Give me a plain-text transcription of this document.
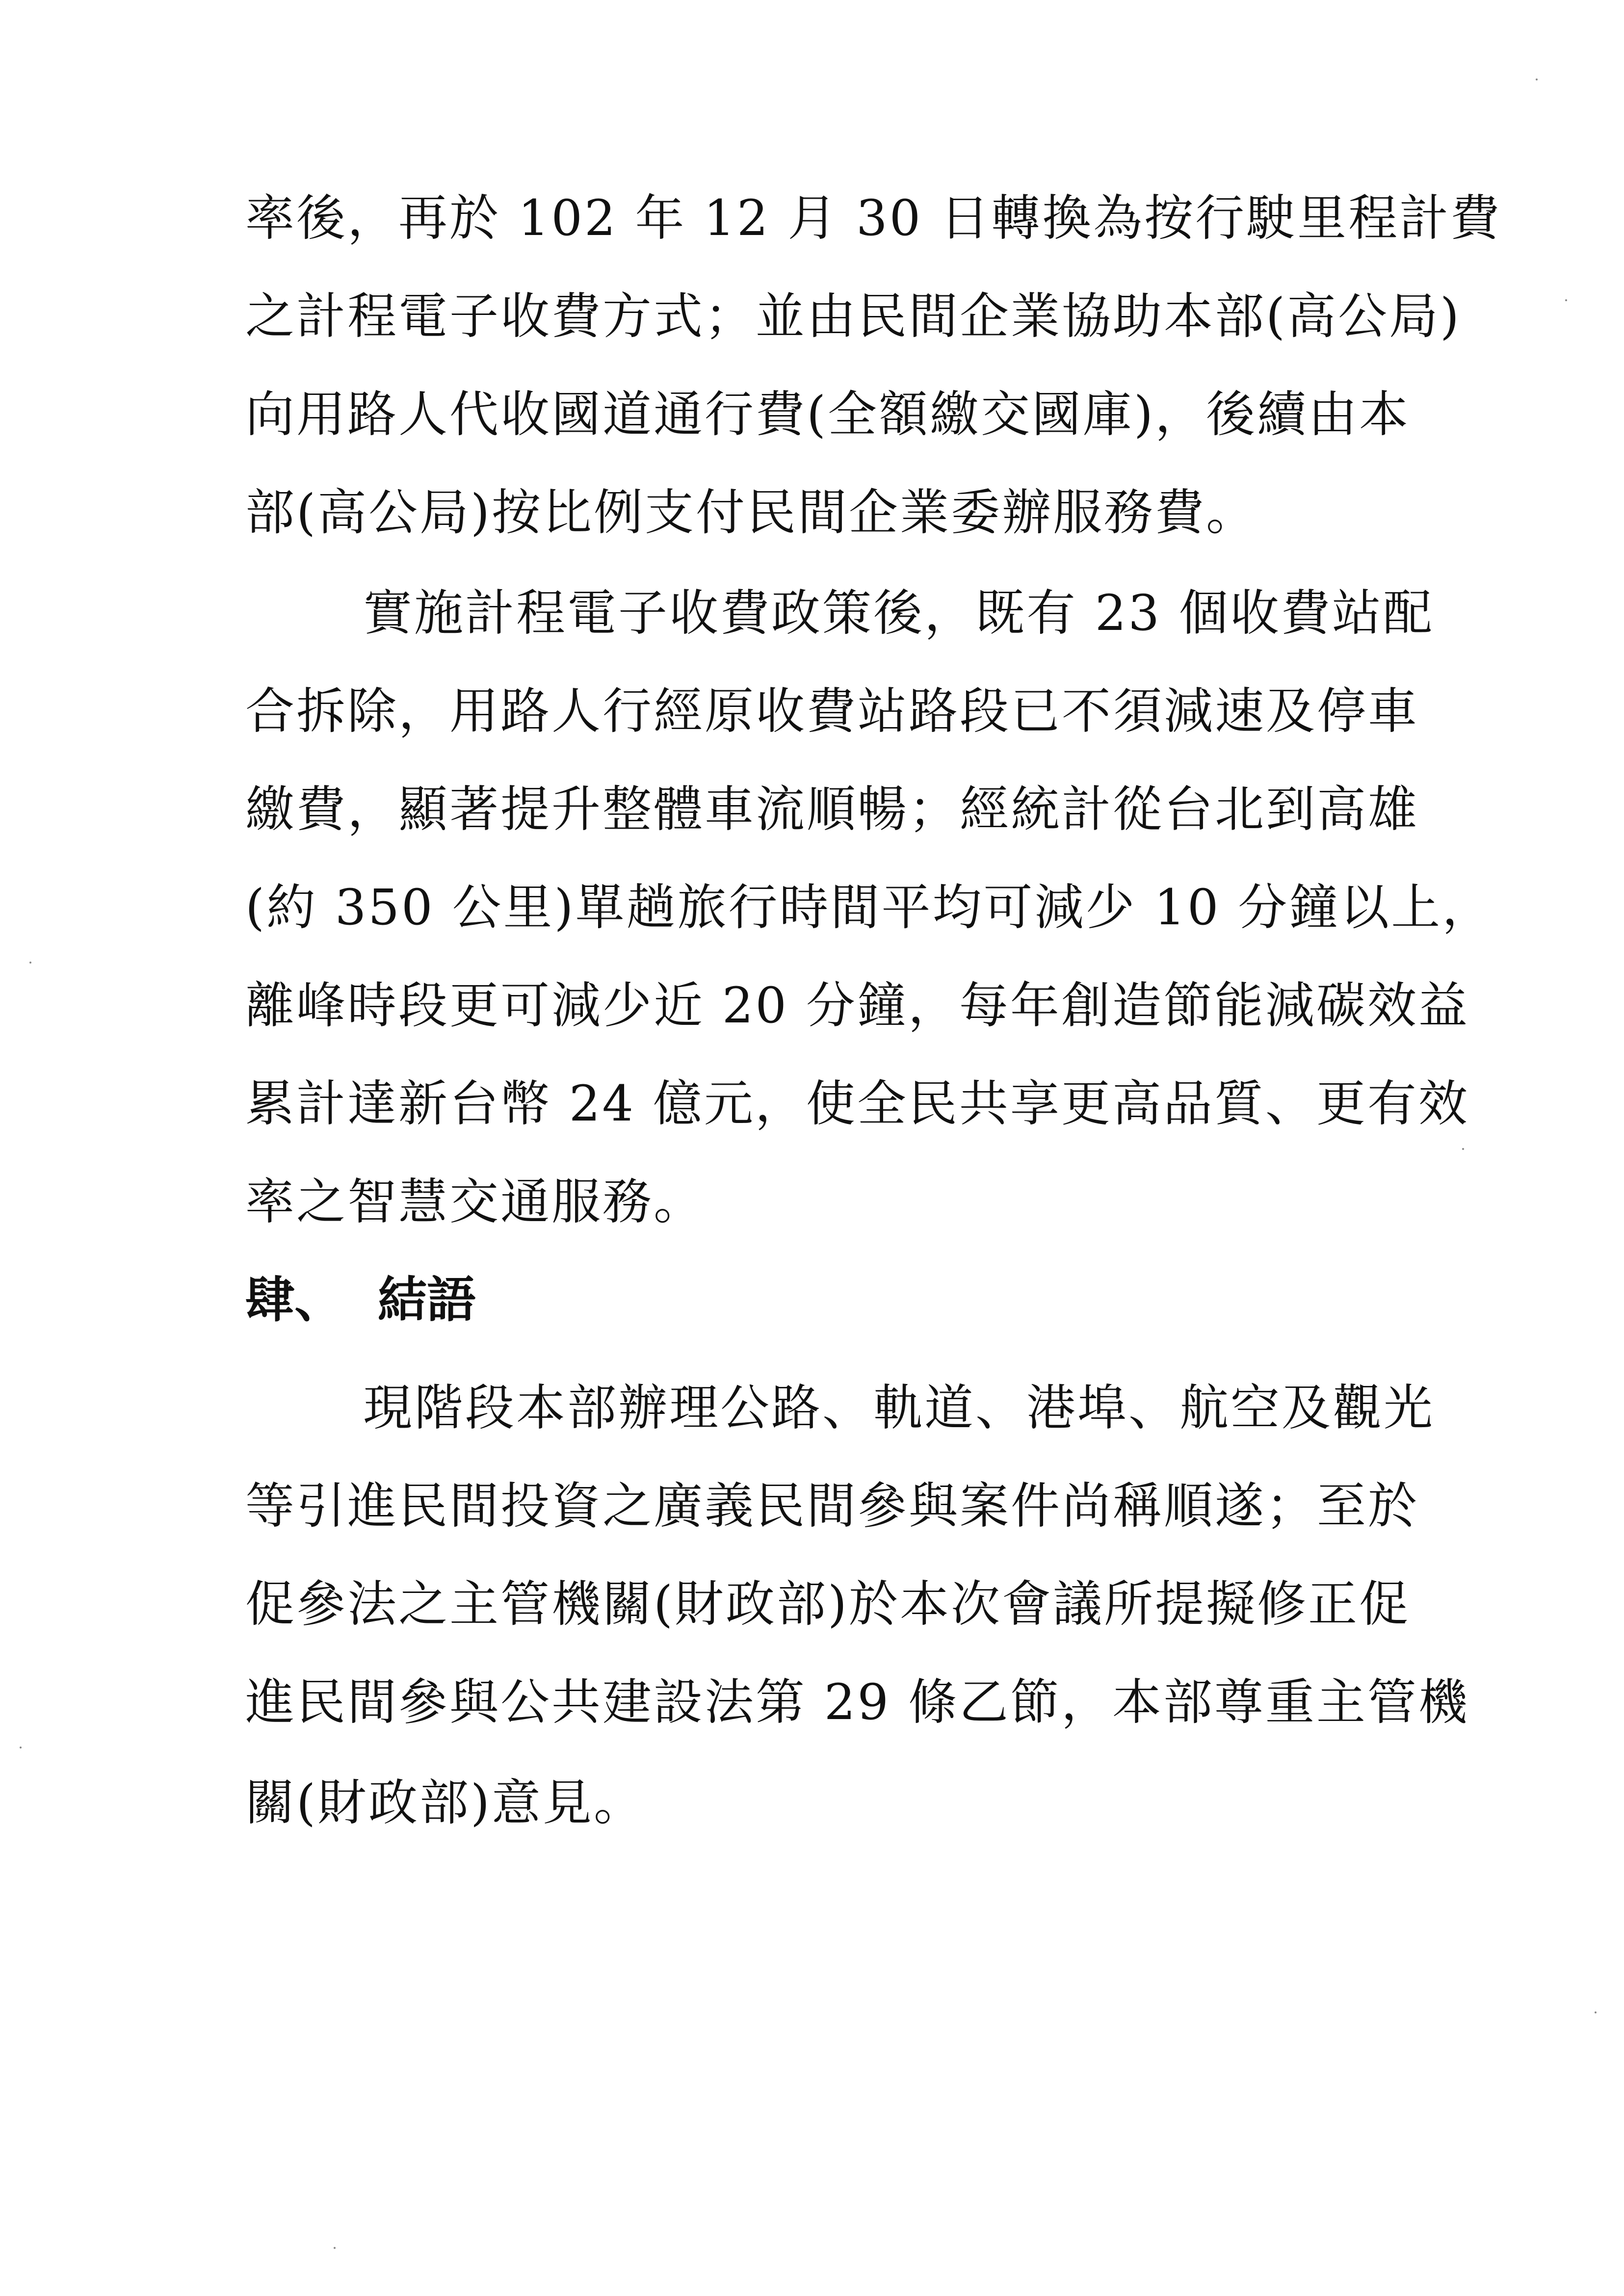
率後，再於 102 年 12 月 30 日轉換為按行駛里程計費
之計程電子收費方式；並由民間企業協助本部(高公局)
向用路人代收國道通行費(全額繳交國庫)，後續由本
部(高公局)按比例支付民間企業委辦服務費。
實施計程電子收費政策後，既有 23 個收費站配
合拆除，用路人行經原收費站路段已不須減速及停車
繳費，顯著提升整體車流順暢；經統計從台北到高雄
(約 350 公里)單趟旅行時間平均可減少 10 分鐘以上，
離峰時段更可減少近 20 分鐘，每年創造節能減碳效益
累計達新台幣 24 億元，使全民共享更高品質、更有效
率之智慧交通服務。
肆、 結語
現階段本部辦理公路、軌道、港埠、航空及觀光
等引進民間投資之廣義民間參與案件尚稱順遂；至於
促參法之主管機關(財政部)於本次會議所提擬修正促
進民間參與公共建設法第 29 條乙節，本部尊重主管機
關(財政部)意見。
